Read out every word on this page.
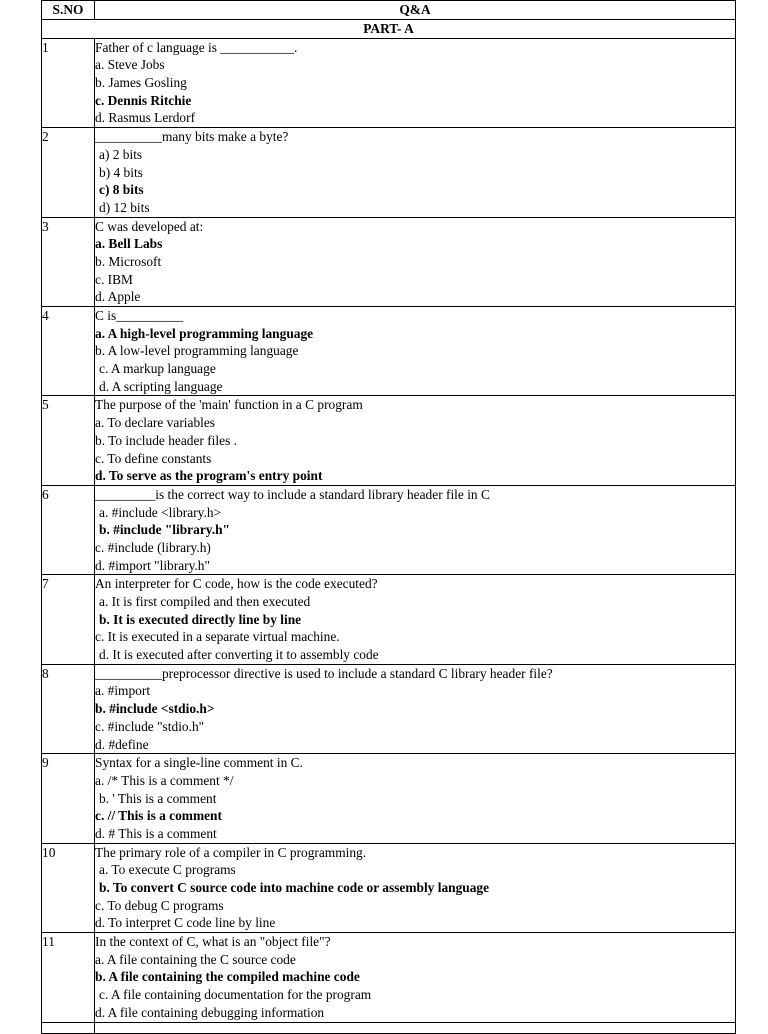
S.NO	Q&A
PART- A	
1	Father of c language is ___________.
a. Steve Jobs
b. James Gosling
c. Dennis Ritchie
d. Rasmus Lerdorf

2	__________many bits make a byte?
a) 2 bits
b) 4 bits
c) 8 bits
d) 12 bits

3	C was developed at:
a. Bell Labs
b. Microsoft
c. IBM
d. Apple

4	C is__________
a. A high-level programming language
b. A low-level programming language
c. A markup language
d. A scripting language

5	The purpose of the 'main' function in a C program
a. To declare variables
b. To include header files .
c. To define constants
d. To serve as the program's entry point

6	_________is the correct way to include a standard library header file in C
a. #include <library.h>
b. #include "library.h"
c. #include (library.h)
d. #import "library.h"

7	An interpreter for C code, how is the code executed?
a. It is first compiled and then executed
b. It is executed directly line by line
c. It is executed in a separate virtual machine.
d. It is executed after converting it to assembly code

8	__________preprocessor directive is used to include a standard C library header file?
a. #import
b. #include <stdio.h>
c. #include "stdio.h"
d. #define

9	Syntax for a single-line comment in C.
a. /* This is a comment */
b. ' This is a comment
c. // This is a comment
d. # This is a comment

10	The primary role of a compiler in C programming.
a. To execute C programs
b. To convert C source code into machine code or assembly language
c. To debug C programs
d. To interpret C code line by line

11	In the context of C, what is an "object file"?
a. A file containing the C source code
b. A file containing the compiled machine code
c. A file containing documentation for the program
d. A file containing debugging information
